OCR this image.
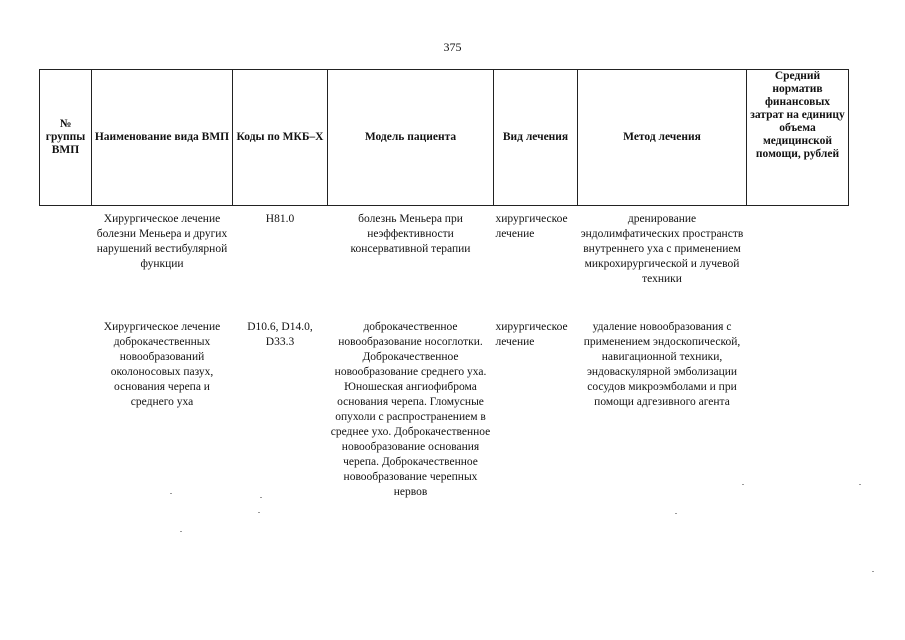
375
№ группы ВМП	Наименование вида ВМП	Коды по МКБ–Х	Модель пациента	Вид лечения	Метод лечения	Средний норматив финансовых затрат на единицу объема медицинской помощи, рублей
	Хирургическое лечение болезни Меньера и других нарушений вестибулярной функции	H81.0	болезнь Меньера при неэффективности консервативной терапии	хирургическое лечение	дренирование эндолимфатических пространств внутреннего уха с применением микрохирургической и лучевой техники	
	Хирургическое лечение доброкачественных новообразований околоносовых пазух, основания черепа и среднего уха	D10.6, D14.0, D33.3	доброкачественное новообразование носоглотки. Доброкачественное новообразование среднего уха. Юношеская ангиофиброма основания черепа. Гломусные опухоли с распространением в среднее ухо. Доброкачественное новообразование основания черепа. Доброкачественное новообразование черепных нервов	хирургическое лечение	удаление новообразования с применением эндоскопической, навигационной техники, эндоваскулярной эмболизации сосудов микроэмболами и при помощи адгезивного агента	
